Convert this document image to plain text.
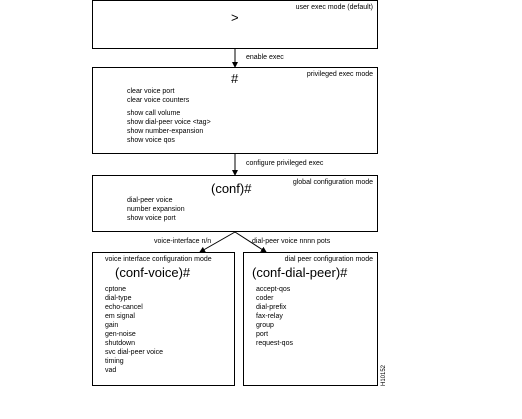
user exec mode (default)
>
enable exec
privileged exec mode
#
clear voice port
clear voice counters
show call volume
show dial-peer voice <tag>
show number-expansion
show voice qos
configure privileged exec
global configuration mode
(conf)#
dial-peer voice
number expansion
show voice port
voice-interface n/n	dial-peer voice nnnn pots
voice interface configuration mode
(conf-voice)#
cptone
dial-type
echo-cancel
em signal
gain
gen-noise
shutdown
svc dial-peer voice
timing
vad
dial peer configuration mode
(conf-dial-peer)#
accept-qos
coder
dial-prefix
fax-relay
group
port
request-qos
H10152
